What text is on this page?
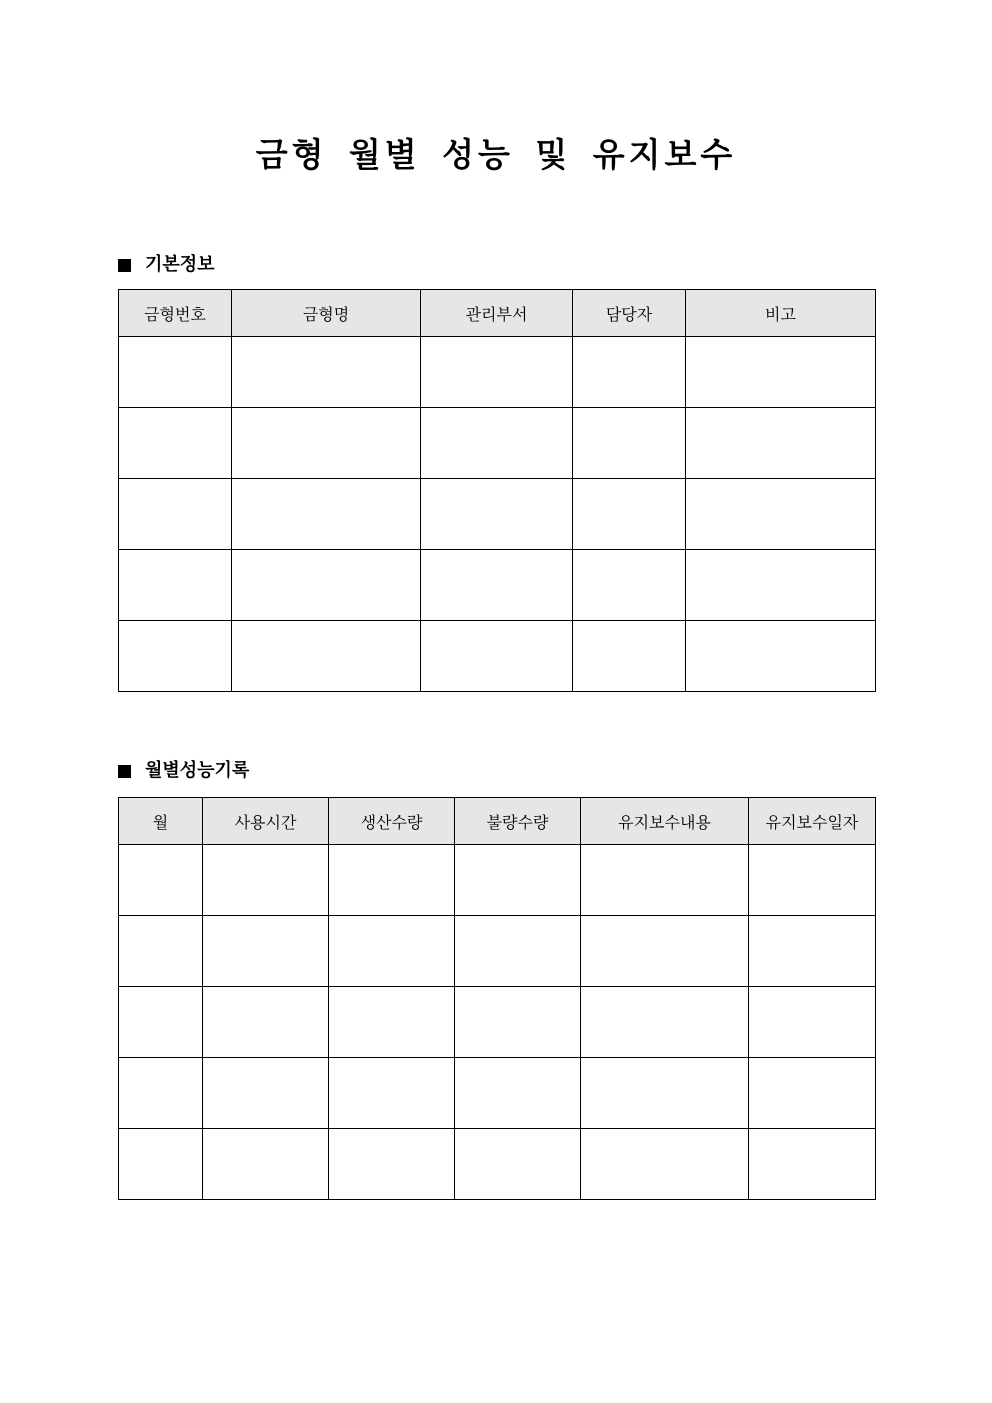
금형 월별 성능 및 유지보수
기본정보
금형번호	금형명	관리부서	담당자	비고

월별성능기록
월	사용시간	생산수량	불량수량	유지보수내용	유지보수일자
